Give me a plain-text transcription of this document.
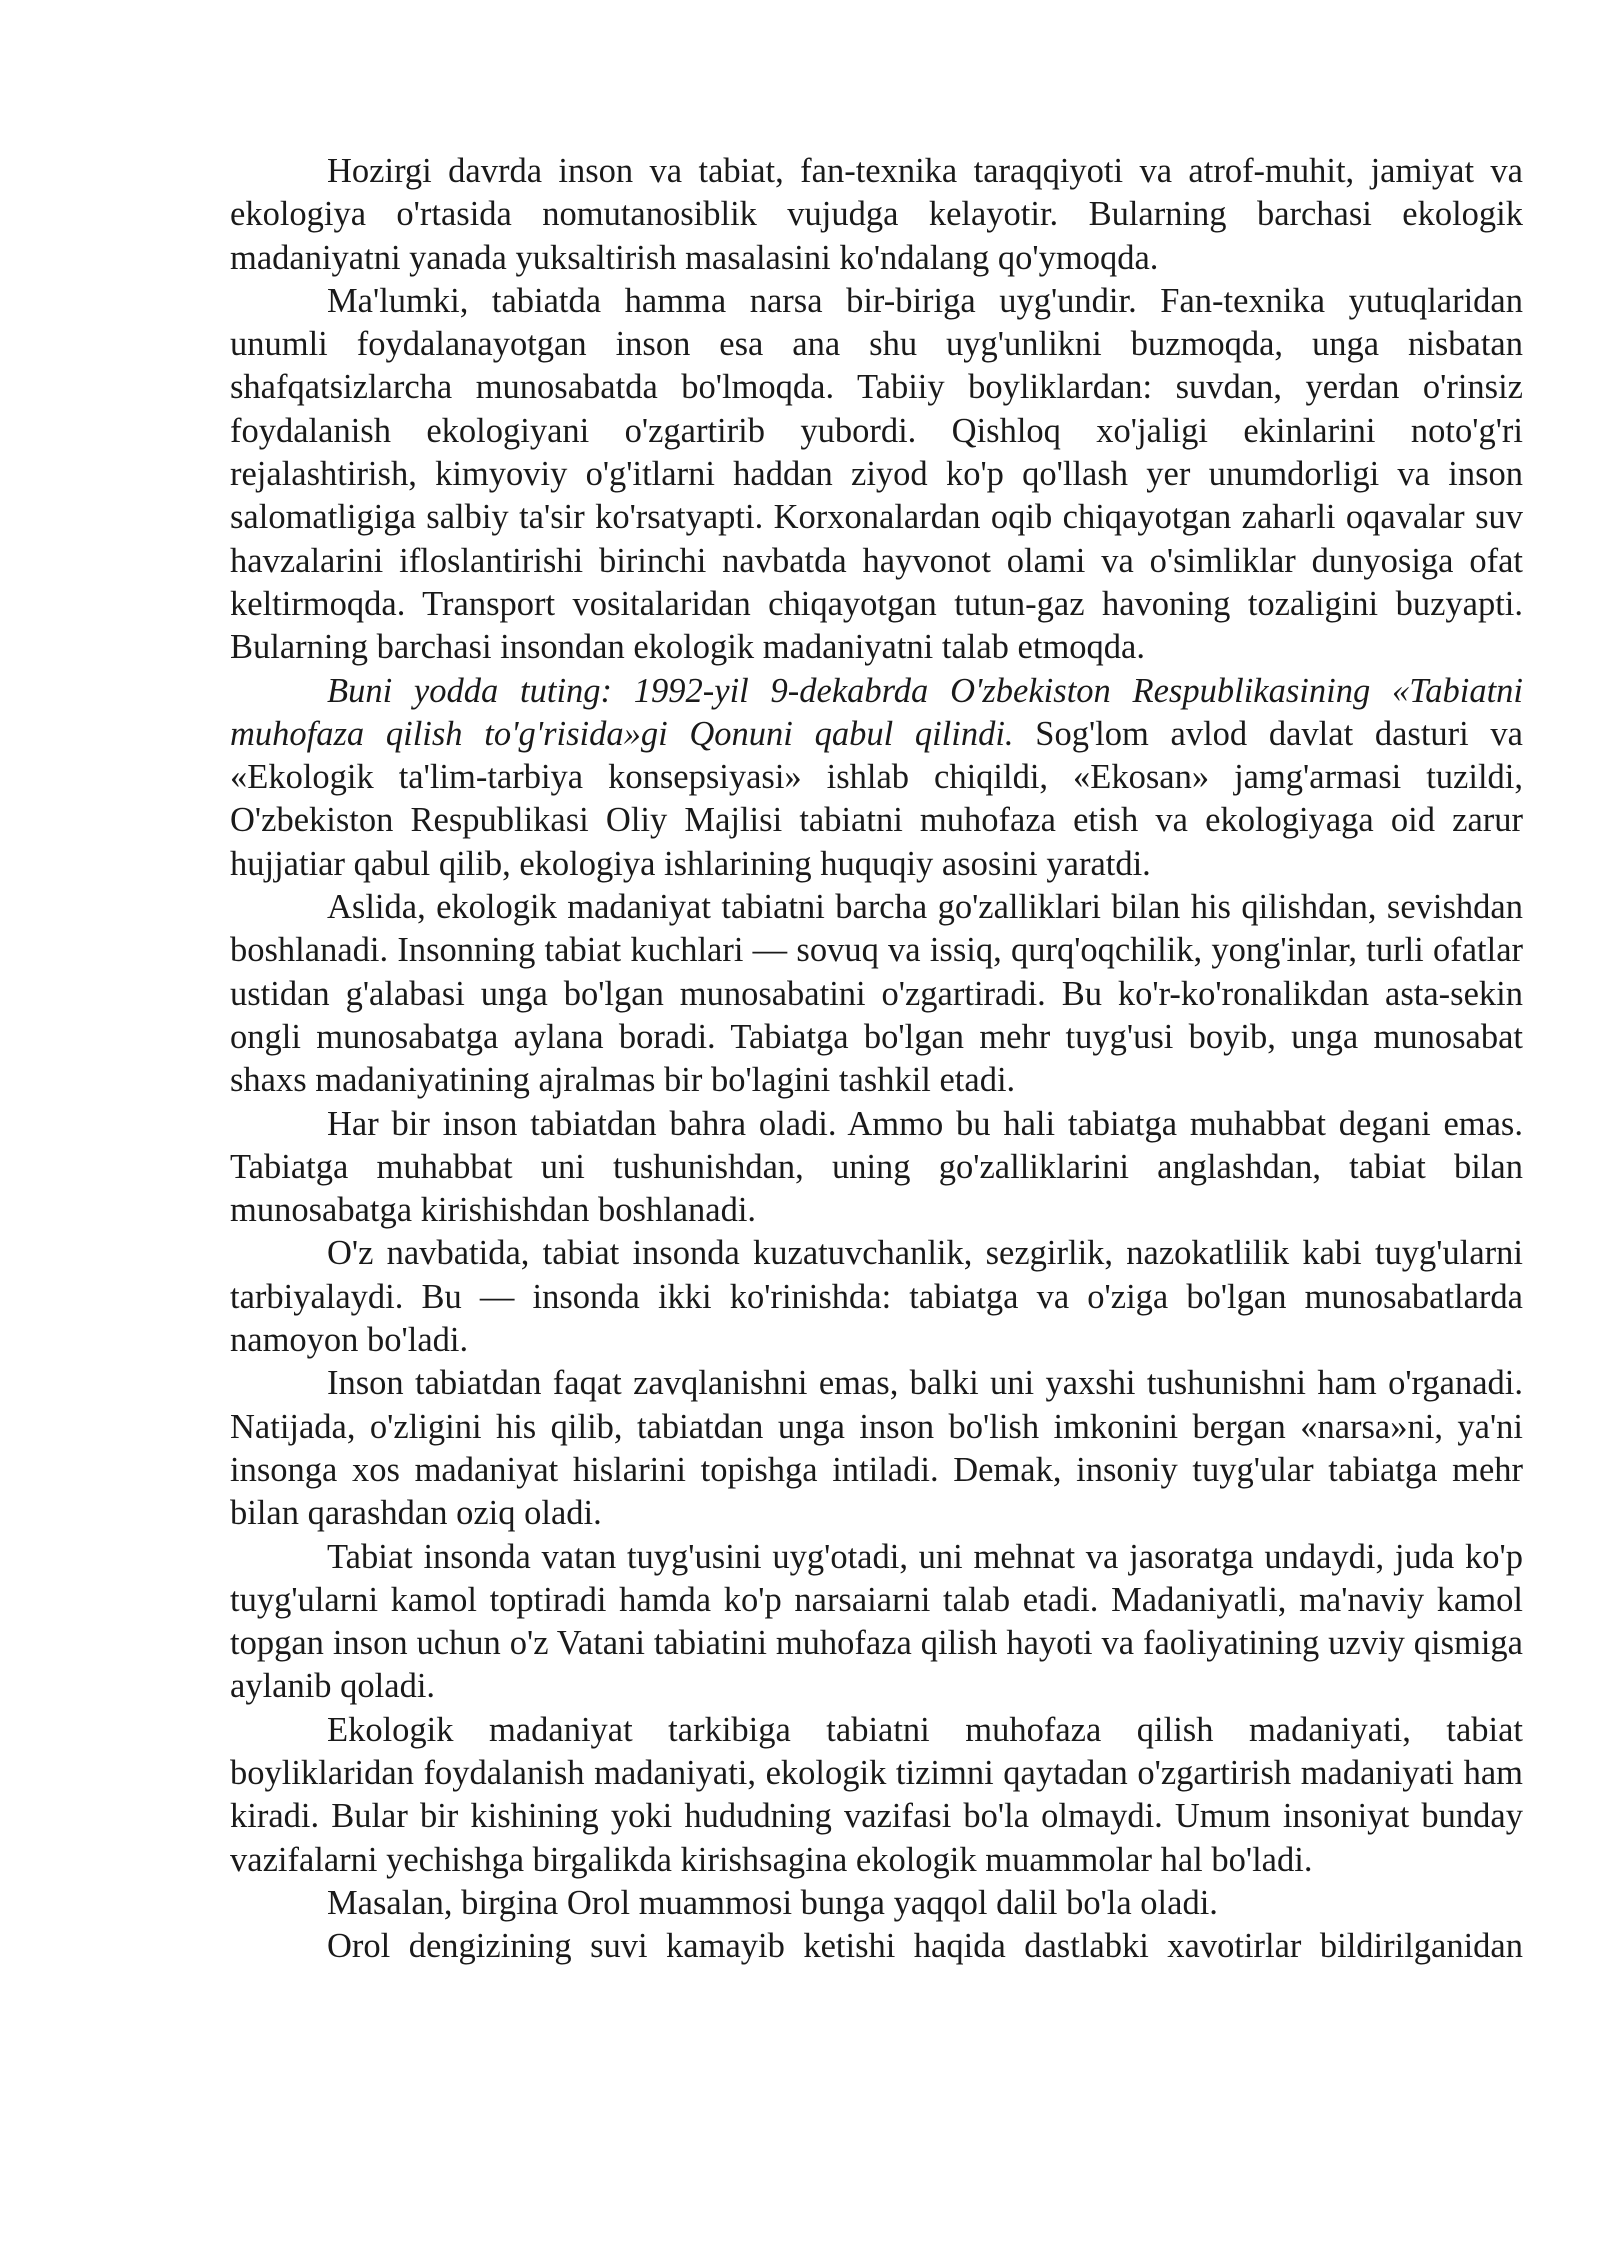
Hozirgi davrda inson va tabiat, fan-texnika taraqqiyoti va atrof-muhit, jamiyat va ekologiya o'rtasida nomutanosiblik vujudga kelayotir. Bularning barchasi ekologik madaniyatni yanada yuksaltirish masalasini ko'ndalang qo'ymoqda.

Ma'lumki, tabiatda hamma narsa bir-biriga uyg'undir. Fan-texnika yutuqlaridan unumli foydalanayotgan inson esa ana shu uyg'unlikni buzmoqda, unga nisbatan shafqatsizlarcha munosabatda bo'lmoqda. Tabiiy boyliklardan: suvdan, yerdan o'rinsiz foydalanish ekologiyani o'zgartirib yubordi. Qishloq xo'jaligi ekinlarini noto'g'ri rejalashtirish, kimyoviy o'g'itlarni haddan ziyod ko'p qo'llash yer unumdorligi va inson salomatligiga salbiy ta'sir ko'rsatyapti. Korxonalardan oqib chiqayotgan zaharli oqavalar suv havzalarini ifloslantirishi birinchi navbatda hayvonot olami va o'simliklar dunyosiga ofat keltirmoqda. Transport vositalaridan chiqayotgan tutun-gaz havoning tozaligini buzyapti. Bularning barchasi insondan ekologik madaniyatni talab etmoqda.

Buni yodda tuting: 1992-yil 9-dekabrda O'zbekiston Respublikasining «Tabiatni muhofaza qilish to'g'risida»gi Qonuni qabul qilindi. Sog'lom avlod davlat dasturi va «Ekologik ta'lim-tarbiya konsepsiyasi» ishlab chiqildi, «Ekosan» jamg'armasi tuzildi, O'zbekiston Respublikasi Oliy Majlisi tabiatni muhofaza etish va ekologiyaga oid zarur hujjatiar qabul qilib, ekologiya ishlarining huquqiy asosini yaratdi.

Aslida, ekologik madaniyat tabiatni barcha go'zalliklari bilan his qilishdan, sevishdan boshlanadi. Insonning tabiat kuchlari — sovuq va issiq, qurq'oqchilik, yong'inlar, turli ofatlar ustidan g'alabasi unga bo'lgan munosabatini o'zgartiradi. Bu ko'r-ko'ronalikdan asta-sekin ongli munosabatga aylana boradi. Tabiatga bo'lgan mehr tuyg'usi boyib, unga munosabat shaxs madaniyatining ajralmas bir bo'lagini tashkil etadi.

Har bir inson tabiatdan bahra oladi. Ammo bu hali tabiatga muhabbat degani emas. Tabiatga muhabbat uni tushunishdan, uning go'zalliklarini anglashdan, tabiat bilan munosabatga kirishishdan boshlanadi.

O'z navbatida, tabiat insonda kuzatuvchanlik, sezgirlik, nazokatlilik kabi tuyg'ularni tarbiyalaydi. Bu — insonda ikki ko'rinishda: tabiatga va o'ziga bo'lgan munosabatlarda namoyon bo'ladi.

Inson tabiatdan faqat zavqlanishni emas, balki uni yaxshi tushunishni ham o'rganadi. Natijada, o'zligini his qilib, tabiatdan unga inson bo'lish imkonini bergan «narsa»ni, ya'ni insonga xos madaniyat hislarini topishga intiladi. Demak, insoniy tuyg'ular tabiatga mehr bilan qarashdan oziq oladi.

Tabiat insonda vatan tuyg'usini uyg'otadi, uni mehnat va jasoratga undaydi, juda ko'p tuyg'ularni kamol toptiradi hamda ko'p narsaiarni talab etadi. Madaniyatli, ma'naviy kamol topgan inson uchun o'z Vatani tabiatini muhofaza qilish hayoti va faoliyatining uzviy qismiga aylanib qoladi.

Ekologik madaniyat tarkibiga tabiatni muhofaza qilish madaniyati, tabiat boyliklaridan foydalanish madaniyati, ekologik tizimni qaytadan o'zgartirish madaniyati ham kiradi. Bular bir kishining yoki hududning vazifasi bo'la olmaydi. Umum insoniyat bunday vazifalarni yechishga birgalikda kirishsagina ekologik muammolar hal bo'ladi.

Masalan, birgina Orol muammosi bunga yaqqol dalil bo'la oladi.

Orol dengizining suvi kamayib ketishi haqida dastlabki xavotirlar bildirilganidan
